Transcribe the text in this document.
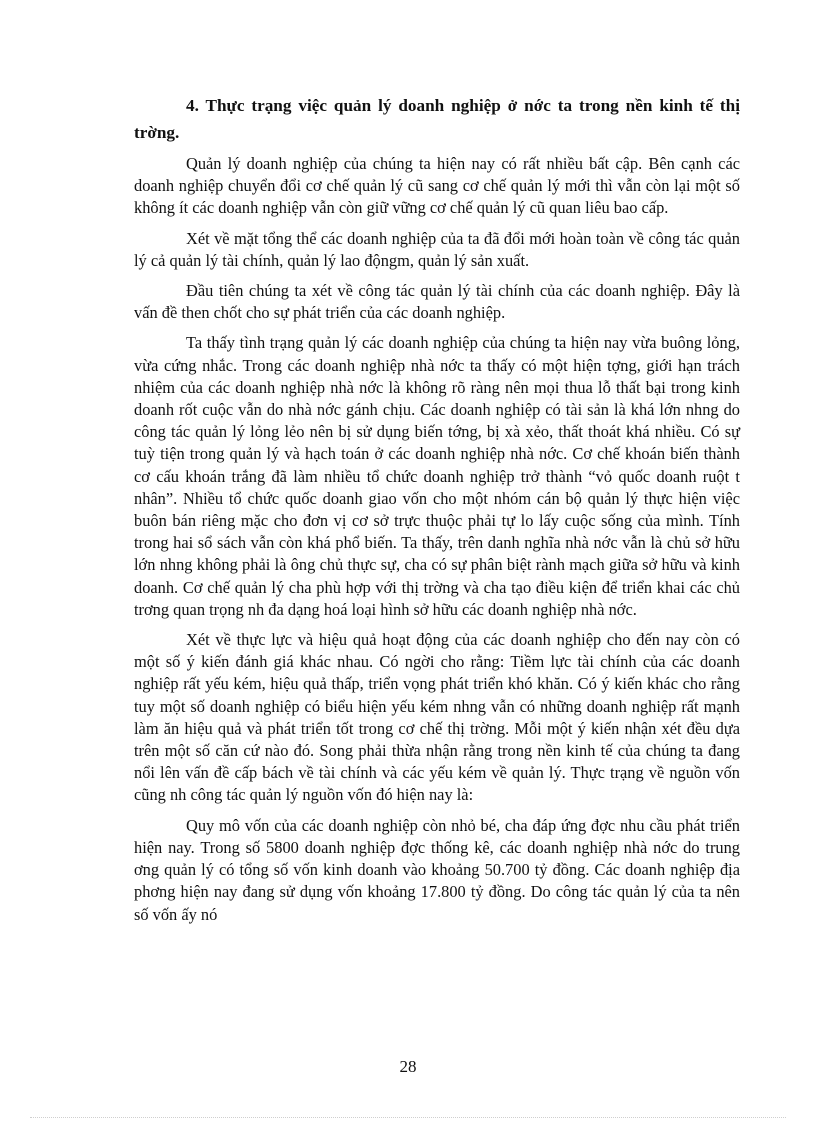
4. Thực trạng việc quản lý doanh nghiệp ở nớc ta trong nền kinh tế thị trờng.

Quản lý doanh nghiệp của chúng ta hiện nay có rất nhiều bất cập. Bên cạnh các doanh nghiệp chuyển đổi cơ chế quản lý cũ sang cơ chế quản lý mới thì vẫn còn lại một số không ít các doanh nghiệp vẫn còn giữ vững cơ chế quản lý cũ quan liêu bao cấp.

Xét về mặt tổng thể các doanh nghiệp của ta đã đổi mới hoàn toàn về công tác quản lý cả quản lý tài chính, quản lý lao độngm, quản lý sản xuất.

Đầu tiên chúng ta xét về công tác quản lý tài chính của các doanh nghiệp. Đây là vấn đề then chốt cho sự phát triển của các doanh nghiệp.

Ta thấy tình trạng quản lý các doanh nghiệp của chúng ta hiện nay vừa buông lỏng, vừa cứng nhắc. Trong các doanh nghiệp nhà nớc ta thấy có một hiện tợng, giới hạn trách nhiệm của các doanh nghiệp nhà nớc là không rõ ràng nên mọi thua lỗ thất bại trong kinh doanh rốt cuộc vẫn do nhà nớc gánh chịu. Các doanh nghiệp có tài sản là khá lớn nhng do công tác quản lý lỏng lẻo nên bị sử dụng biến tớng, bị xà xẻo, thất thoát khá nhiều. Có sự tuỳ tiện trong quản lý và hạch toán ở các doanh nghiệp nhà nớc. Cơ chế khoán biến thành cơ cấu khoán trắng đã làm nhiều tổ chức doanh nghiệp trở thành “vỏ quốc doanh ruột t nhân”. Nhiều tổ chức quốc doanh giao vốn cho một nhóm cán bộ quản lý thực hiện việc buôn bán riêng mặc cho đơn vị cơ sở trực thuộc phải tự lo lấy cuộc sống của mình. Tính trong hai sổ sách vẫn còn khá phổ biến. Ta thấy, trên danh nghĩa nhà nớc vẫn là chủ sở hữu lớn nhng không phải là ông chủ thực sự, cha có sự phân biệt rành mạch giữa sở hữu và kinh doanh. Cơ chế quản lý cha phù hợp với thị trờng và cha tạo điều kiện để triển khai các chủ trơng quan trọng nh đa dạng hoá loại hình sở hữu các doanh nghiệp nhà nớc.

Xét về thực lực và hiệu quả hoạt động của các doanh nghiệp cho đến nay còn có một số ý kiến đánh giá khác nhau. Có ngời cho rằng: Tiềm lực tài chính của các doanh nghiệp rất yếu kém, hiệu quả thấp, triển vọng phát triển khó khăn. Có ý kiến khác cho rằng tuy một số doanh nghiệp có biểu hiện yếu kém nhng vẫn có những doanh nghiệp rất mạnh làm ăn hiệu quả và phát triển tốt trong cơ chế thị trờng. Mỗi một ý kiến nhận xét đều dựa trên một số căn cứ nào đó. Song phải thừa nhận rằng trong nền kinh tế của chúng ta đang nổi lên vấn đề cấp bách về tài chính và các yếu kém về quản lý. Thực trạng về nguồn vốn cũng nh công tác quản lý nguồn vốn đó hiện nay là:

Quy mô vốn của các doanh nghiệp còn nhỏ bé, cha đáp ứng đợc nhu cầu phát triển hiện nay. Trong số 5800 doanh nghiệp đợc thống kê, các doanh nghiệp nhà nớc do trung ơng quản lý có tổng số vốn kinh doanh vào khoảng 50.700 tỷ đồng. Các doanh nghiệp địa phơng hiện nay đang sử dụng vốn khoảng 17.800 tỷ đồng. Do công tác quản lý của ta nên số vốn ấy nó

28
